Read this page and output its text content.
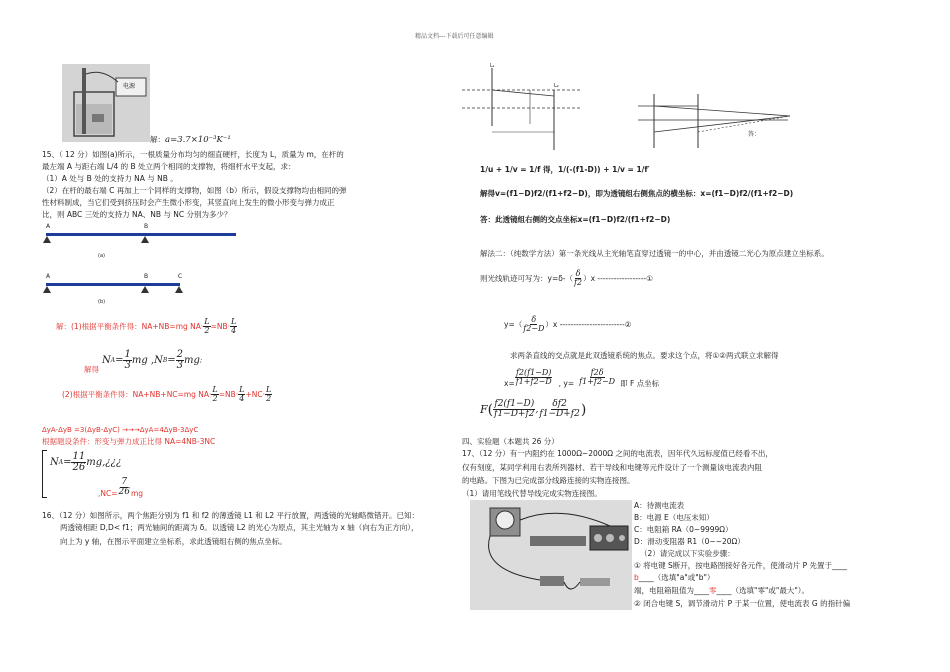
精品文档---下载后可任意编辑
电源
解：a=3.7×10⁻³K⁻¹
15、（ 12 分）如图(a)所示，一根质量分布均匀的细直硬杆，长度为 L，质量为 m，在杆的
最左端 A 与距右端 L/4 的 B 处立两个相同的支撑物，将细杆水平支起，求：
（1）A 处与 B 处的支持力 NA 与 NB 。
（2）在杆的最右端 C 再加上一个同样的支撑物，如图（b）所示，假设支撑物均由相同的弹
性材料制成，当它们受到挤压时会产生微小形变，其竖直向上发生的微小形变与弹力成正
比，则 ABC 三处的支持力 NA、NB 与 NC 分别为多少？
A	B
(a)
A	B	C
(b)
解：(1)根据平衡条件得：NA+NB=mg $NA\cdot \frac{L}{2} =NB\cdot \frac{L}{4}$
解得
N $A = \frac{1}{3}$ mg , N $B = \frac{2}{3}$ mg ;
(2)根据平衡条件得：NA+NB+NC=mg $NA\cdot \frac{L}{2} =NB\cdot \frac{L}{4} +NC\cdot \frac{L}{2}$
ΔyA-ΔyB =3(ΔyB-ΔyC) →→→ΔyA=4ΔyB-3ΔyC
根据题设条件：形变与弹力成正比得 NA=4NB-3NC
N $A = \frac{11}{26}$ mg,¿¿¿
$,NC= \frac{7}{26}$ mg
16、（12 分）如图所示，两个焦距分别为 f1 和 f2 的薄透镜 L1 和 L2 平行放置，两透镜的光轴略微错开。已知：
两透镜相距 D,D< f1；两光轴间的距离为 δ。以透镜 L2 的光心为原点，其主光轴为 x 轴（向右为正方向），
向上为 y 轴，在图示平面建立坐标系，求此透镜组右侧的焦点坐标。
L₁
L₂
答：
1/u + 1/v = 1/f 得，1/(-(f1-D)) + 1/v = 1/f′
解得v=(f1−D)f2/(f1+f2−D)，即为透镜组右侧焦点的横坐标：x=(f1−D)f2/(f1+f2−D)
答：此透镜组右侧的交点坐标x=(f1−D)f2/(f1+f2−D)
解法二：（纯数学方法）第一条光线从主光轴笔直穿过透镜一的中心，并由透镜二光心为原点建立坐标系。
则光线轨迹可写为：$y=\delta-( \frac{\delta}{f2} )x$ ------------------①
$y=( \frac{\delta}{f2-D} )x$ ------------------------②
求两条直线的交点就是此双透镜系统的焦点。要求这个点，将①②两式联立求解得
$x= \frac{f2(f1-D)}{f1+f2-D}$ , $y= \frac{f2\delta}{f1+f2-D}$ 即 F 点坐标
F ( $\frac{f2(f1-D)}{f1-D+f2}$ , $\frac{\delta f2}{f1-D+f2}$ )
四、实验题（本题共 26 分）
17、（12 分）有一内阻约在 1000Ω~2000Ω 之间的电流表，因年代久远标度值已经看不出，
仅有刻度，某同学利用右表所列器材、若干导线和电键等元件设计了一个测量该电流表内阻
的电路。下图为已完成部分线路连接的实物连接图。
（1）请用笔线代替导线完成实物连接图。
A：待测电流表
B：电源 E（电压未知）
C：电阻箱 RA（0~9999Ω）
D：滑动变阻器 R1（0~~20Ω）
（2）请完成以下实验步骤：
① 将电键 S断开，按电路图接好各元件，使滑动片 P 先置于____
b____（选填"a"或"b"）
端，电阻箱阻值为____零____（选填"零"或"最大"）。
② 闭合电键 S，调节滑动片 P 于某一位置，使电流表 G 的指针偏
